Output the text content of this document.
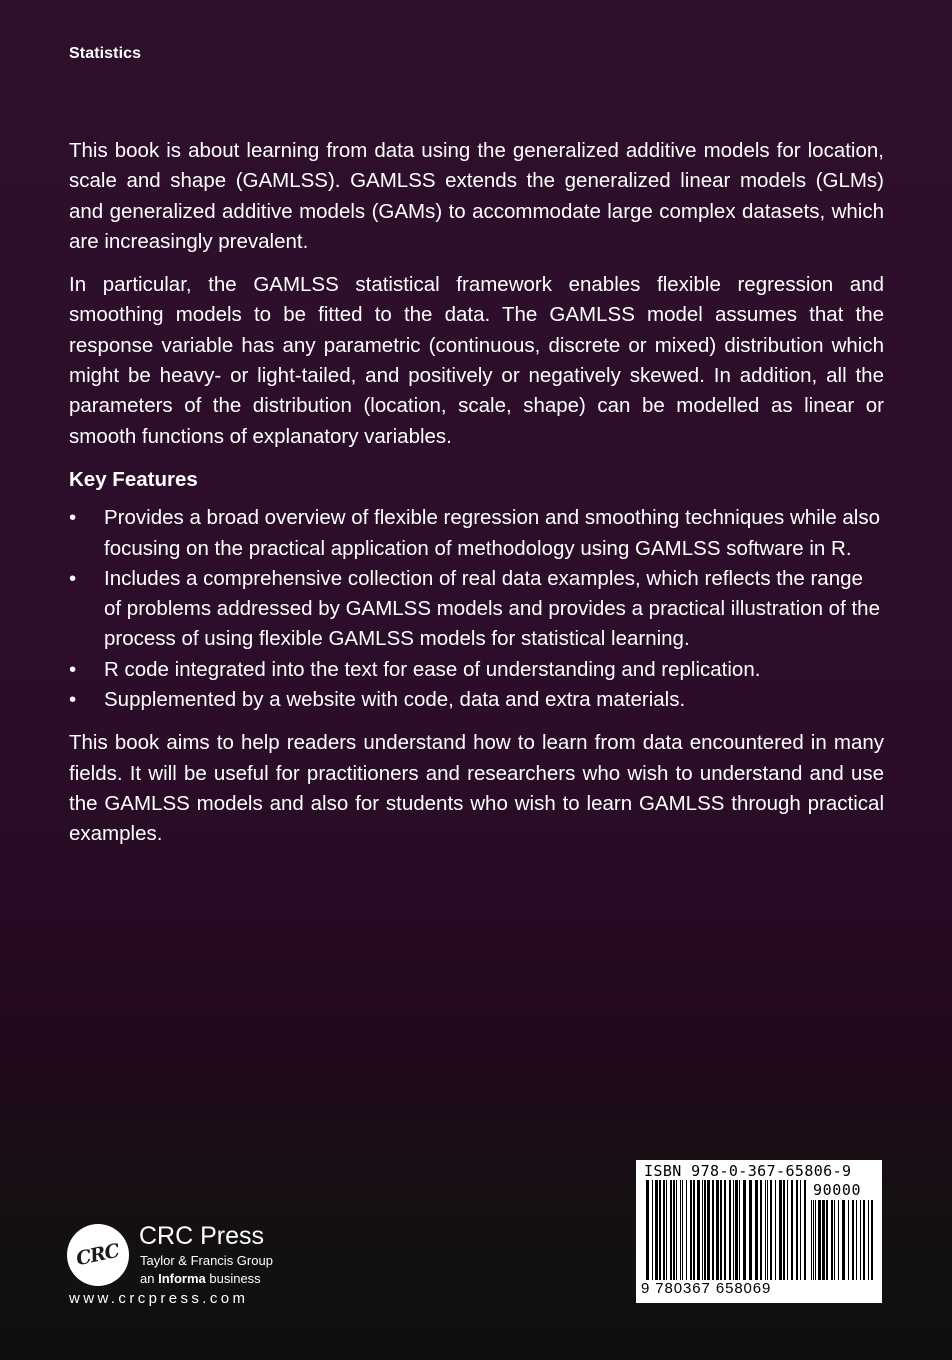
Statistics

This book is about learning from data using the generalized additive models for location, scale and shape (GAMLSS). GAMLSS extends the generalized linear models (GLMs) and generalized additive models (GAMs) to accommodate large complex datasets, which are increasingly prevalent.

In particular, the GAMLSS statistical framework enables flexible regression and smoothing models to be fitted to the data. The GAMLSS model assumes that the response variable has any parametric (continuous, discrete or mixed) distribution which might be heavy- or light-tailed, and positively or negatively skewed. In addition, all the parameters of the distribution (location, scale, shape) can be modelled as linear or smooth functions of explanatory variables.

Key Features
• Provides a broad overview of flexible regression and smoothing techniques while also focusing on the practical application of methodology using GAMLSS software in R.
• Includes a comprehensive collection of real data examples, which reflects the range of problems addressed by GAMLSS models and provides a practical illustration of the process of using flexible GAMLSS models for statistical learning.
• R code integrated into the text for ease of understanding and replication.
• Supplemented by a website with code, data and extra materials.

This book aims to help readers understand how to learn from data encountered in many fields. It will be useful for practitioners and researchers who wish to understand and use the GAMLSS models and also for students who wish to learn GAMLSS through practical examples.

CRC
CRC Press
Taylor & Francis Group
an Informa business
www.crcpress.com
ISBN 978-0-367-65806-9
90000
9 780367 658069
